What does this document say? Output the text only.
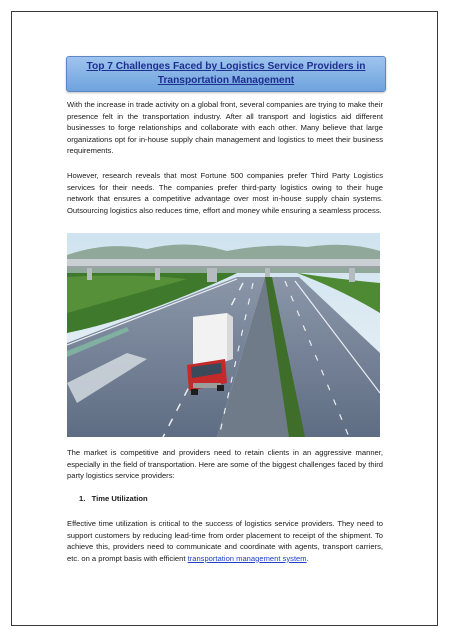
Top 7 Challenges Faced by Logistics Service Providers in Transportation Management

With the increase in trade activity on a global front, several companies are trying to make their presence felt in the transportation industry. After all transport and logistics aid different businesses to forge relationships and collaborate with each other. Many believe that large organizations opt for in-house supply chain management and logistics to meet their business requirements.

However, research reveals that most Fortune 500 companies prefer Third Party Logistics services for their needs. The companies prefer third-party logistics owing to their huge network that ensures a competitive advantage over most in-house supply chain systems. Outsourcing logistics also reduces time, effort and money while ensuring a seamless process.

The market is competitive and providers need to retain clients in an aggressive manner, especially in the field of transportation. Here are some of the biggest challenges faced by third party logistics service providers:

1.   Time Utilization

Effective time utilization is critical to the success of logistics service providers. They need to support customers by reducing lead-time from order placement to receipt of the shipment. To achieve this, providers need to communicate and coordinate with agents, transport carriers, etc. on a prompt basis with efficient transportation management system.
